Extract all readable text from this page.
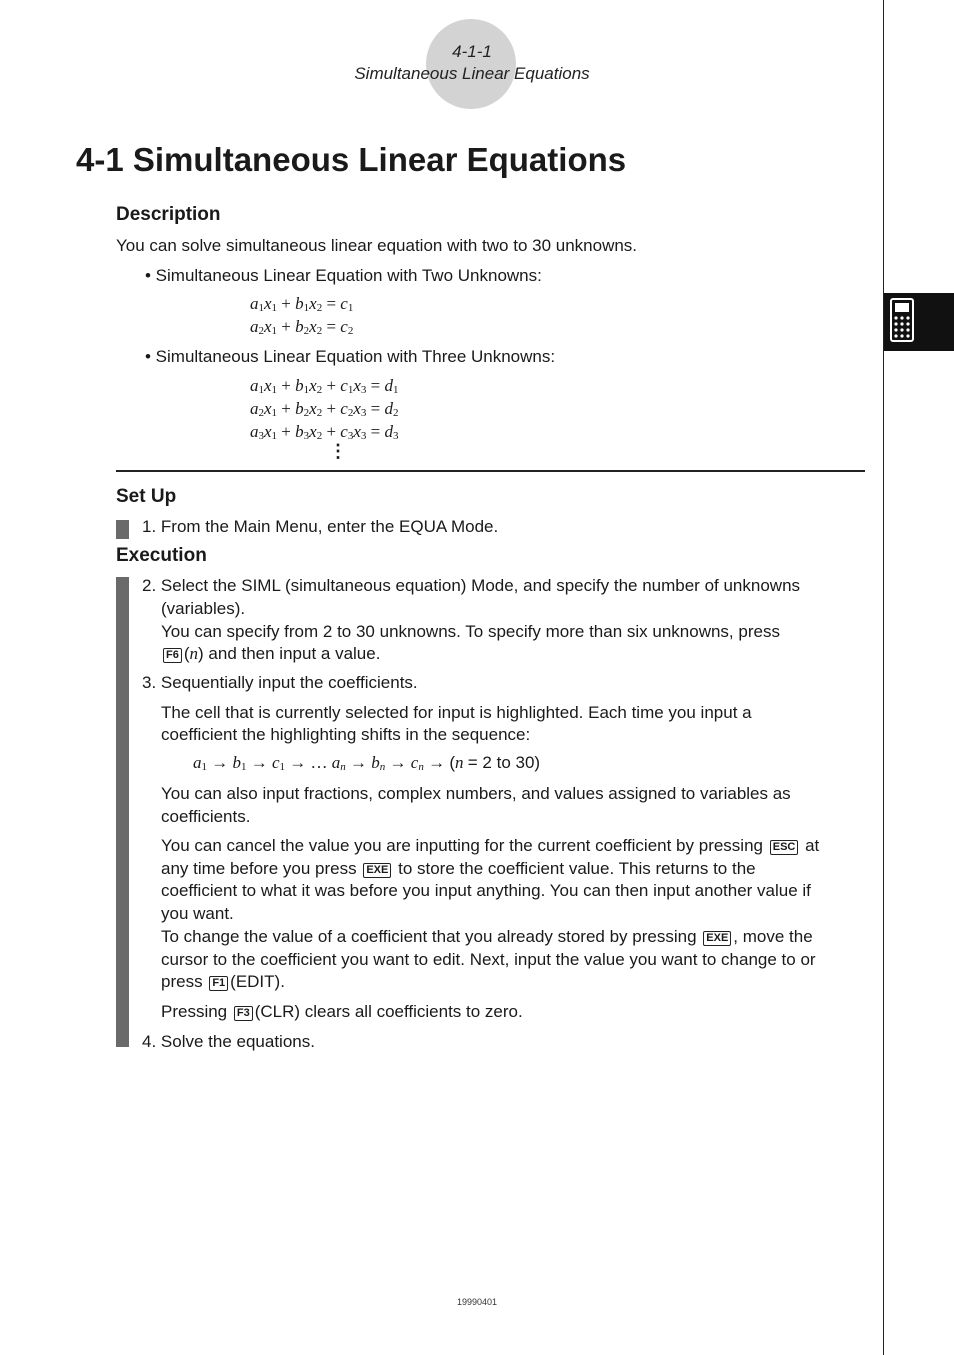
4-1-1
Simultaneous Linear Equations
4-1 Simultaneous Linear Equations
Description
You can solve simultaneous linear equation with two to 30 unknowns.
• Simultaneous Linear Equation with Two Unknowns:
$a_1x_1 + b_1x_2 = c_1$
$a_2x_1 + b_2x_2 = c_2$
• Simultaneous Linear Equation with Three Unknowns:
$a_1x_1 + b_1x_2 + c_1x_3 = d_1$
$a_2x_1 + b_2x_2 + c_2x_3 = d_2$
$a_3x_1 + b_3x_2 + c_3x_3 = d_3$
⋮
Set Up
1. From the Main Menu, enter the EQUA Mode.
Execution
2. Select the SIML (simultaneous equation) Mode, and specify the number of unknowns
(variables).
You can specify from 2 to 30 unknowns. To specify more than six unknowns, press
F6 (n) and then input a value.
3. Sequentially input the coefficients.
The cell that is currently selected for input is highlighted. Each time you input a
coefficient the highlighting shifts in the sequence:
$a_1 \to b_1 \to c_1$ → … $a_n \to b_n \to c_n \to (n = 2$ to 30)
You can also input fractions, complex numbers, and values assigned to variables as
coefficients.
You can cancel the value you are inputting for the current coefficient by pressing ESC at
any time before you press EXE to store the coefficient value. This returns to the
coefficient to what it was before you input anything. You can then input another value if
you want.
To change the value of a coefficient that you already stored by pressing EXE , move the
cursor to the coefficient you want to edit. Next, input the value you want to change to or
press F1 (EDIT).
Pressing F3 (CLR) clears all coefficients to zero.
4. Solve the equations.
19990401
